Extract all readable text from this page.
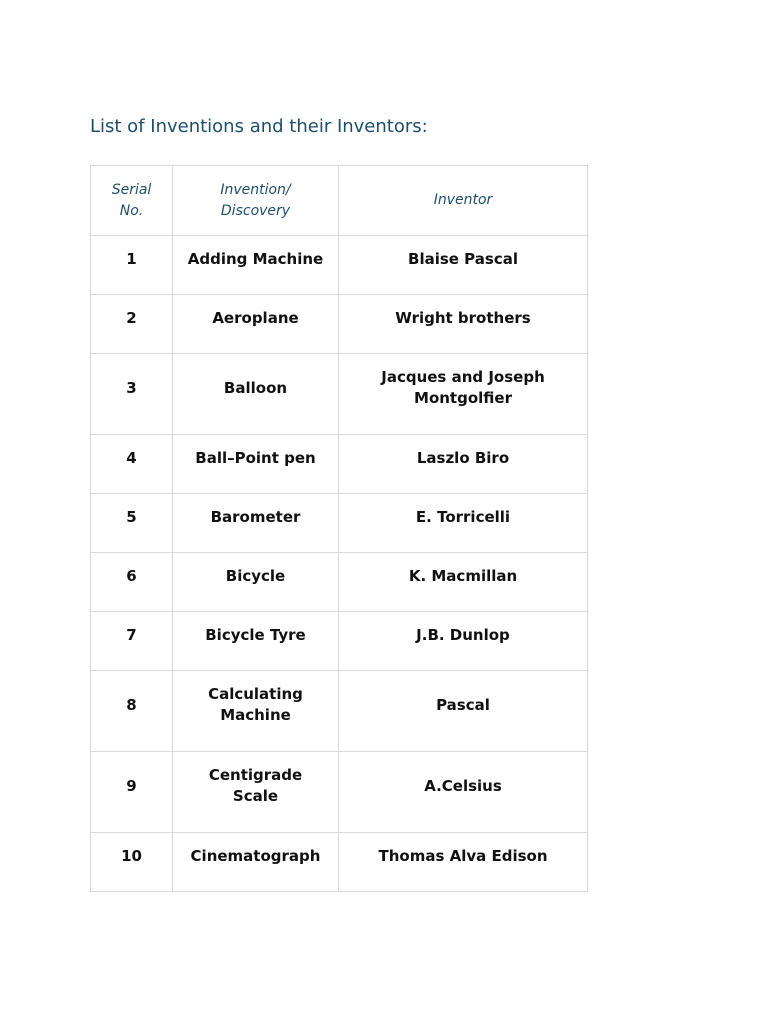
List of Inventions and their Inventors:
Serial No.	Invention/ Discovery	Inventor
1	Adding Machine	Blaise Pascal
2	Aeroplane	Wright brothers
3	Balloon	Jacques and Joseph Montgolfier
4	Ball–Point pen	Laszlo Biro
5	Barometer	E. Torricelli
6	Bicycle	K. Macmillan
7	Bicycle Tyre	J.B. Dunlop
8	Calculating Machine	Pascal
9	Centigrade Scale	A.Celsius
10	Cinematograph	Thomas Alva Edison
